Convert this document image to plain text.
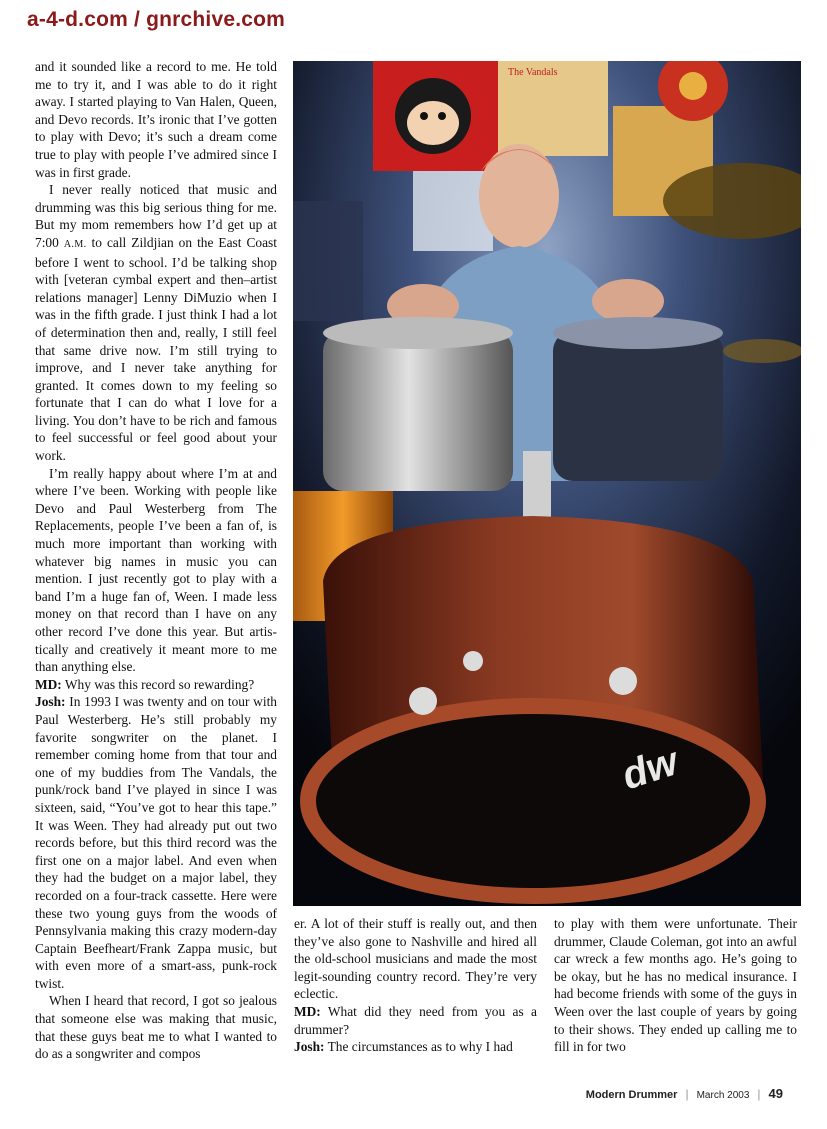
a-4-d.com / gnrchive.com

and it sounded like a record to me. He told me to try it, and I was able to do it right away. I started playing to Van Halen, Queen, and Devo records. It’s ironic that I’ve gotten to play with Devo; it’s such a dream come true to play with people I’ve admired since I was in first grade.

I never really noticed that music and drumming was this big serious thing for me. But my mom remembers how I’d get up at 7:00 A.M. to call Zildjian on the East Coast before I went to school. I’d be talking shop with [veteran cymbal expert and then–artist relations manager] Lenny DiMuzio when I was in the fifth grade. I just think I had a lot of determination then and, really, I still feel that same drive now. I’m still trying to improve, and I never take anything for granted. It comes down to my feeling so fortunate that I can do what I love for a living. You don’t have to be rich and famous to feel successful or feel good about your work.

I’m really happy about where I’m at and where I’ve been. Working with people like Devo and Paul Westerberg from The Replacements, people I’ve been a fan of, is much more important than working with whatever big names in music you can mention. I just recently got to play with a band I’m a huge fan of, Ween. I made less money on that record than I have on any other record I’ve done this year. But artistically and creatively it meant more to me than anything else.

MD: Why was this record so rewarding?

Josh: In 1993 I was twenty and on tour with Paul Westerberg. He’s still probably my favorite songwriter on the planet. I remember coming home from that tour and one of my buddies from The Vandals, the punk/rock band I’ve played in since I was sixteen, said, “You’ve got to hear this tape.” It was Ween. They had already put out two records before, but this third record was the first one on a major label. And even when they had the budget on a major label, they recorded on a four-track cassette. Here were these two young guys from the woods of Pennsylvania making this crazy modern-day Captain Beefheart/Frank Zappa music, but with even more of a smart-ass, punk-rock twist.

When I heard that record, I got so jealous that someone else was making that music, that these guys beat me to what I wanted to do as a songwriter and compos

The Vandals
dw

er. A lot of their stuff is really out, and then they’ve also gone to Nashville and hired all the old-school musicians and made the most legit-sounding country record. They’re very eclectic.

MD: What did they need from you as a drummer?

Josh: The circumstances as to why I had

to play with them were unfortunate. Their drummer, Claude Coleman, got into an awful car wreck a few months ago. He’s going to be okay, but he has no medical insurance. I had become friends with some of the guys in Ween over the last couple of years by going to their shows. They ended up calling me to fill in for two

Modern Drummer | March 2003 | 49
